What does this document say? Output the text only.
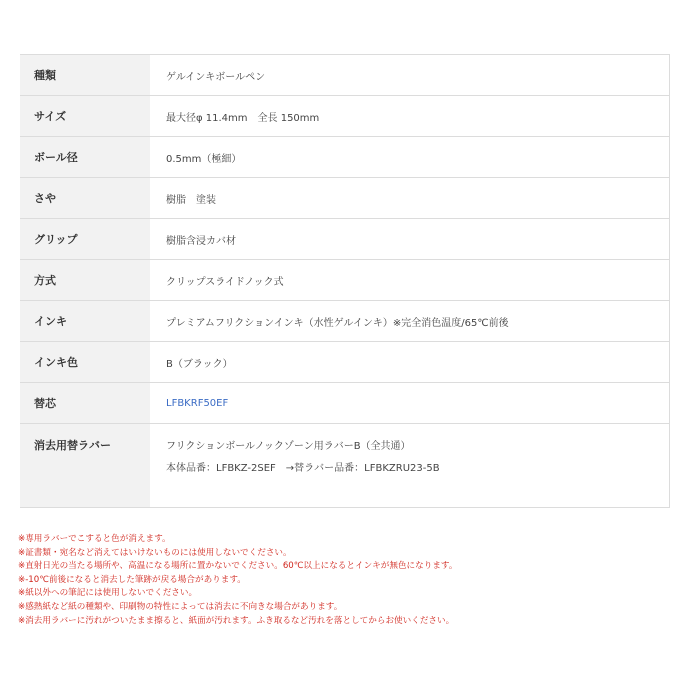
種類	ゲルインキボールペン
サイズ	最大径φ 11.4mm　全長 150mm
ボール径	0.5mm（極細）
さや	樹脂　塗装
グリップ	樹脂含浸カバ材
方式	クリップスライドノック式
インキ	プレミアムフリクションインキ（水性ゲルインキ）※完全消色温度/65℃前後
インキ色	B（ブラック）
替芯	LFBKRF50EF
消去用替ラバー	フリクションボールノックゾーン用ラバーB（全共通）
本体品番：LFBKZ-2SEF　→替ラバー品番：LFBKZRU23-5B
※専用ラバーでこすると色が消えます。
※証書類・宛名など消えてはいけないものには使用しないでください。
※直射日光の当たる場所や、高温になる場所に置かないでください。60℃以上になるとインキが無色になります。
※-10℃前後になると消去した筆跡が戻る場合があります。
※紙以外への筆記には使用しないでください。
※感熱紙など紙の種類や、印刷物の特性によっては消去に不向きな場合があります。
※消去用ラバーに汚れがついたまま擦ると、紙面が汚れます。ふき取るなど汚れを落としてからお使いください。
